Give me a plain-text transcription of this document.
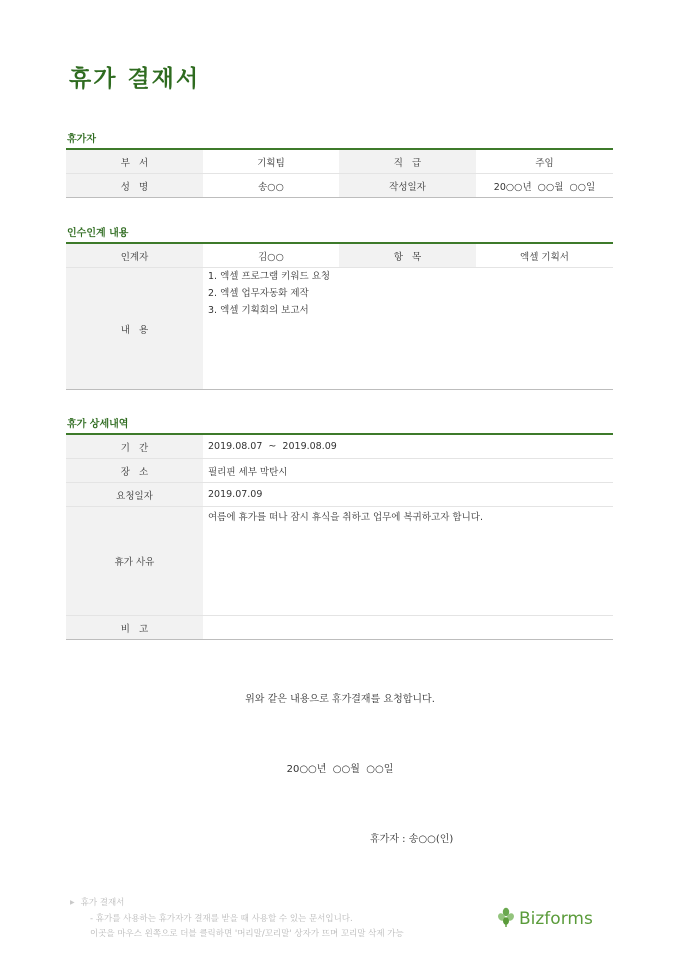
휴가 결재서
휴가자
부   서	기획팀	직   급	주임
성   명	송○○	작성일자	20○○년  ○○월  ○○일
인수인계 내용
인계자	김○○	항   목	엑셀 기획서
내   용	1. 엑셀 프로그램 키워드 요청
2. 엑셀 업무자동화 제작
3. 엑셀 기획회의 보고서		
휴가 상세내역
기   간	2019.08.07  ~  2019.08.09
장   소	필리핀 세부 막탄시
요청일자	2019.07.09
휴가 사유	여름에 휴가를 떠나 잠시 휴식을 취하고 업무에 복귀하고자 합니다.
비   고	
위와 같은 내용으로 휴가결재를 요청합니다.
20○○년  ○○월  ○○일
휴가자 : 송○○(인)
▶ 휴가 결재서
- 휴가를 사용하는 휴가자가 결재를 받을 때 사용할 수 있는 문서입니다.
이곳을 마우스 왼쪽으로 더블 클릭하면 '머리말/꼬리말' 상자가 뜨며 꼬리말 삭제 가능
Bizforms
